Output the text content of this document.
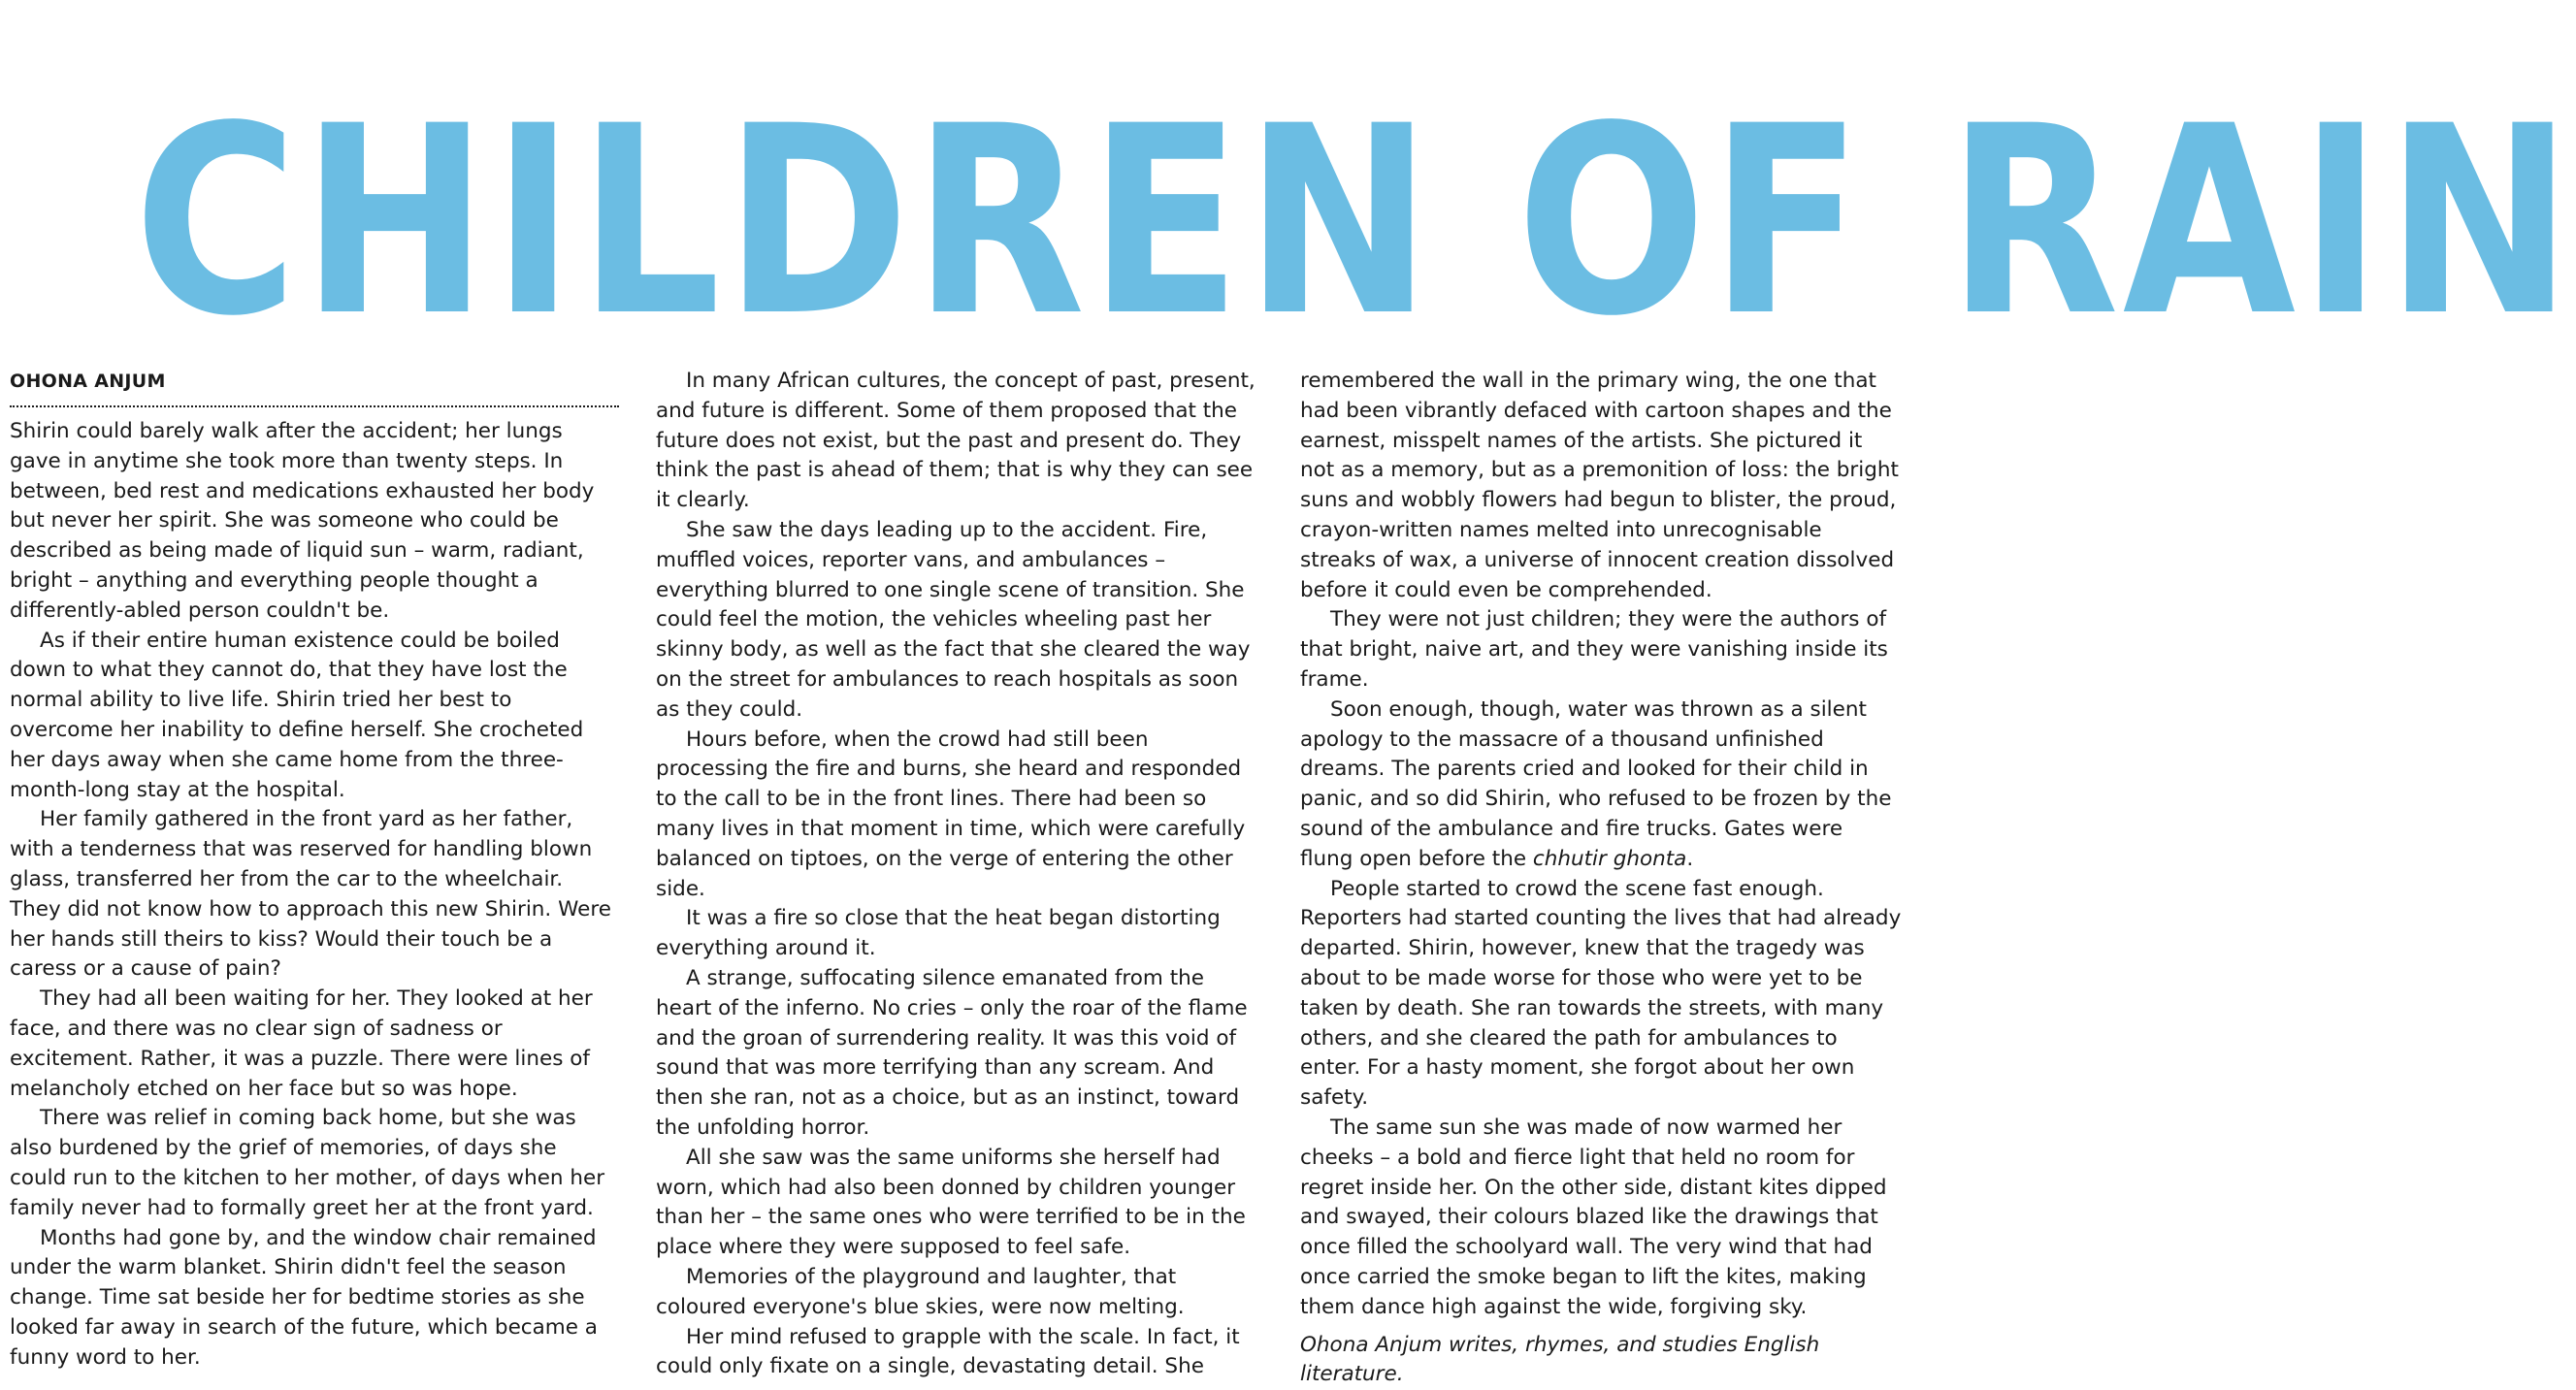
CHILDREN OF RAIN

OHONA ANJUM

Shirin could barely walk after the accident; her lungs gave in anytime she took more than twenty steps. In between, bed rest and medications exhausted her body but never her spirit. She was someone who could be described as being made of liquid sun – warm, radiant, bright – anything and everything people thought a differently-abled person couldn't be.

As if their entire human existence could be boiled down to what they cannot do, that they have lost the normal ability to live life. Shirin tried her best to overcome her inability to define herself. She crocheted her days away when she came home from the three-month-long stay at the hospital.

Her family gathered in the front yard as her father, with a tenderness that was reserved for handling blown glass, transferred her from the car to the wheelchair. They did not know how to approach this new Shirin. Were her hands still theirs to kiss? Would their touch be a caress or a cause of pain?

They had all been waiting for her. They looked at her face, and there was no clear sign of sadness or excitement. Rather, it was a puzzle. There were lines of melancholy etched on her face but so was hope.

There was relief in coming back home, but she was also burdened by the grief of memories, of days she could run to the kitchen to her mother, of days when her family never had to formally greet her at the front yard.

Months had gone by, and the window chair remained under the warm blanket. Shirin didn't feel the season change. Time sat beside her for bedtime stories as she looked far away in search of the future, which became a funny word to her.

In many African cultures, the concept of past, present, and future is different. Some of them proposed that the future does not exist, but the past and present do. They think the past is ahead of them; that is why they can see it clearly.

She saw the days leading up to the accident. Fire, muffled voices, reporter vans, and ambulances – everything blurred to one single scene of transition. She could feel the motion, the vehicles wheeling past her skinny body, as well as the fact that she cleared the way on the street for ambulances to reach hospitals as soon as they could.

Hours before, when the crowd had still been processing the fire and burns, she heard and responded to the call to be in the front lines. There had been so many lives in that moment in time, which were carefully balanced on tiptoes, on the verge of entering the other side.

It was a fire so close that the heat began distorting everything around it.

A strange, suffocating silence emanated from the heart of the inferno. No cries – only the roar of the flame and the groan of surrendering reality. It was this void of sound that was more terrifying than any scream. And then she ran, not as a choice, but as an instinct, toward the unfolding horror.

All she saw was the same uniforms she herself had worn, which had also been donned by children younger than her – the same ones who were terrified to be in the place where they were supposed to feel safe.

Memories of the playground and laughter, that coloured everyone's blue skies, were now melting.

Her mind refused to grapple with the scale. In fact, it could only fixate on a single, devastating detail. She

remembered the wall in the primary wing, the one that had been vibrantly defaced with cartoon shapes and the earnest, misspelt names of the artists. She pictured it not as a memory, but as a premonition of loss: the bright suns and wobbly flowers had begun to blister, the proud, crayon-written names melted into unrecognisable streaks of wax, a universe of innocent creation dissolved before it could even be comprehended.

They were not just children; they were the authors of that bright, naive art, and they were vanishing inside its frame.

Soon enough, though, water was thrown as a silent apology to the massacre of a thousand unfinished dreams. The parents cried and looked for their child in panic, and so did Shirin, who refused to be frozen by the sound of the ambulance and fire trucks. Gates were flung open before the chhutir ghonta.

People started to crowd the scene fast enough. Reporters had started counting the lives that had already departed. Shirin, however, knew that the tragedy was about to be made worse for those who were yet to be taken by death. She ran towards the streets, with many others, and she cleared the path for ambulances to enter. For a hasty moment, she forgot about her own safety.

The same sun she was made of now warmed her cheeks – a bold and fierce light that held no room for regret inside her. On the other side, distant kites dipped and swayed, their colours blazed like the drawings that once filled the schoolyard wall. The very wind that had once carried the smoke began to lift the kites, making them dance high against the wide, forgiving sky.

Ohona Anjum writes, rhymes, and studies English literature.
